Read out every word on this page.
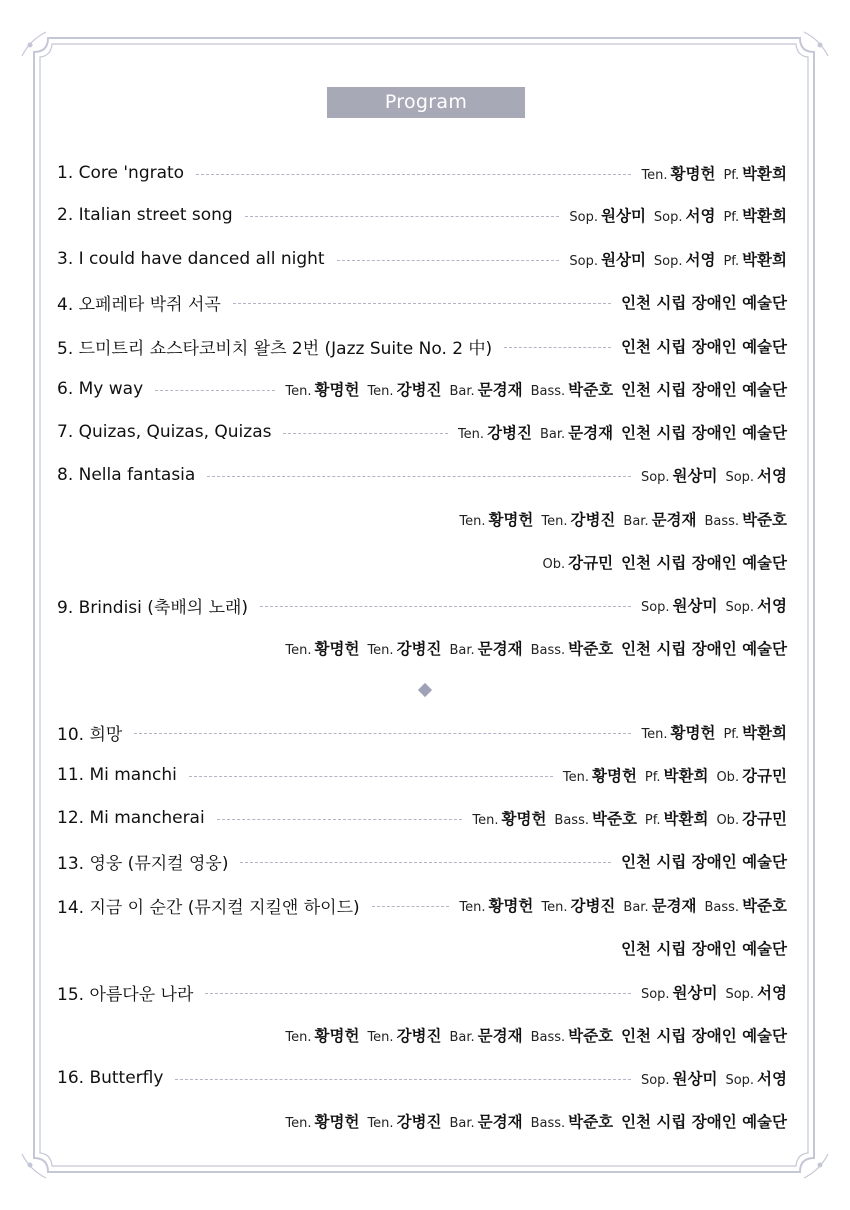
Program
1. Core 'ngrato	Ten. 황명헌 Pf. 박환희
2. Italian street song	Sop. 원상미 Sop. 서영 Pf. 박환희
3. I could have danced all night	Sop. 원상미 Sop. 서영 Pf. 박환희
4. 오페레타 박쥐 서곡	인천 시립 장애인 예술단
5. 드미트리 쇼스타코비치 왈츠 2번 (Jazz Suite No. 2 中)	인천 시립 장애인 예술단
6. My way	Ten. 황명헌 Ten. 강병진 Bar. 문경재 Bass. 박준호 인천 시립 장애인 예술단
7. Quizas, Quizas, Quizas	Ten. 강병진 Bar. 문경재 인천 시립 장애인 예술단
8. Nella fantasia	Sop. 원상미 Sop. 서영
Ten. 황명헌 Ten. 강병진 Bar. 문경재 Bass. 박준호
Ob. 강규민 인천 시립 장애인 예술단
9. Brindisi (축배의 노래)	Sop. 원상미 Sop. 서영
Ten. 황명헌 Ten. 강병진 Bar. 문경재 Bass. 박준호 인천 시립 장애인 예술단
10. 희망	Ten. 황명헌 Pf. 박환희
11. Mi manchi	Ten. 황명헌 Pf. 박환희 Ob. 강규민
12. Mi mancherai	Ten. 황명헌 Bass. 박준호 Pf. 박환희 Ob. 강규민
13. 영웅 (뮤지컬 영웅)	인천 시립 장애인 예술단
14. 지금 이 순간 (뮤지컬 지킬앤 하이드)	Ten. 황명헌 Ten. 강병진 Bar. 문경재 Bass. 박준호
인천 시립 장애인 예술단
15. 아름다운 나라	Sop. 원상미 Sop. 서영
Ten. 황명헌 Ten. 강병진 Bar. 문경재 Bass. 박준호 인천 시립 장애인 예술단
16. Butterfly	Sop. 원상미 Sop. 서영
Ten. 황명헌 Ten. 강병진 Bar. 문경재 Bass. 박준호 인천 시립 장애인 예술단
